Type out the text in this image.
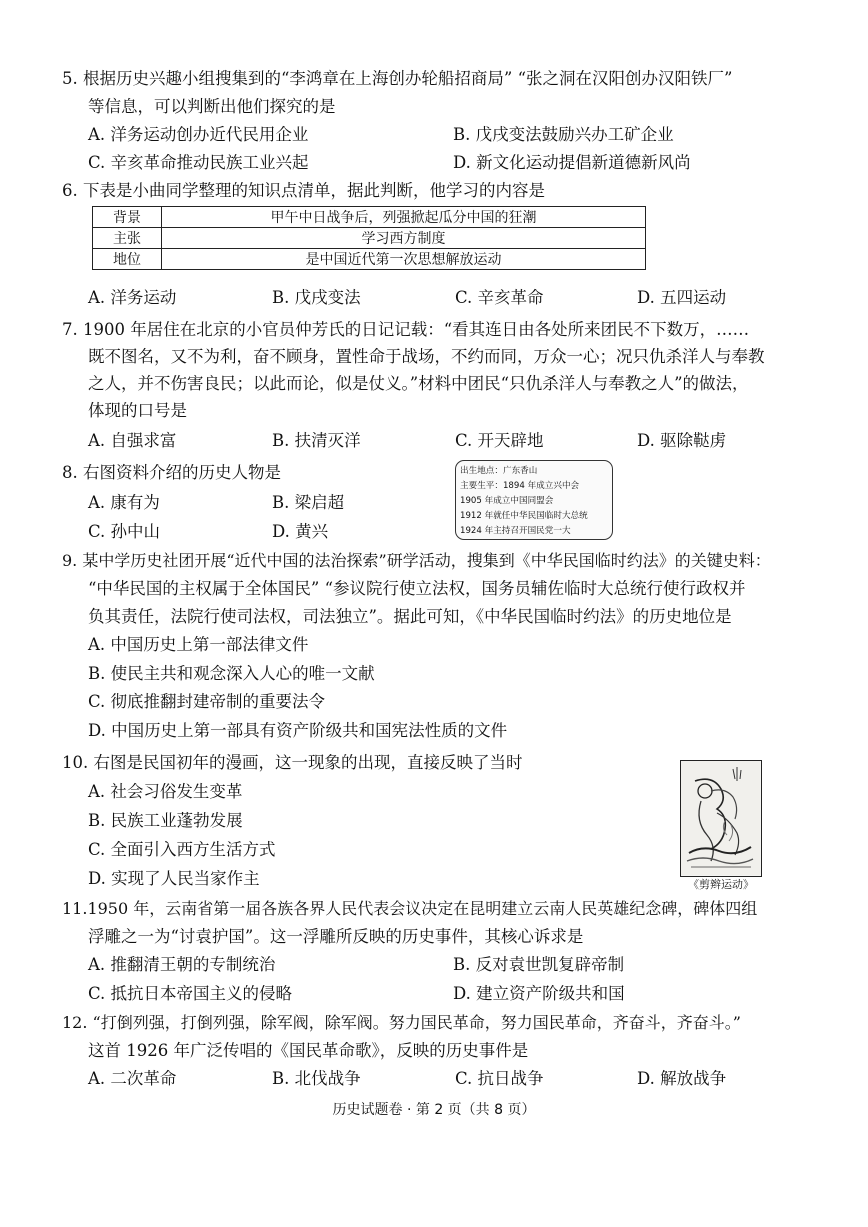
5. 根据历史兴趣小组搜集到的“李鸿章在上海创办轮船招商局” “张之洞在汉阳创办汉阳铁厂”
等信息，可以判断出他们探究的是
A. 洋务运动创办近代民用企业	B. 戊戌变法鼓励兴办工矿企业
C. 辛亥革命推动民族工业兴起	D. 新文化运动提倡新道德新风尚
6. 下表是小曲同学整理的知识点清单，据此判断，他学习的内容是
背景	甲午中日战争后，列强掀起瓜分中国的狂潮
主张	学习西方制度
地位	是中国近代第一次思想解放运动
A. 洋务运动	B. 戊戌变法	C. 辛亥革命	D. 五四运动
7. 1900 年居住在北京的小官员仲芳氏的日记记载：“看其连日由各处所来团民不下数万，……
既不图名，又不为利，奋不顾身，置性命于战场，不约而同，万众一心；况只仇杀洋人与奉教
之人，并不伤害良民；以此而论，似是仗义。”材料中团民“只仇杀洋人与奉教之人”的做法，
体现的口号是
A. 自强求富	B. 扶清灭洋	C. 开天辟地	D. 驱除鞑虏
8. 右图资料介绍的历史人物是
A. 康有为	B. 梁启超
C. 孙中山	D. 黄兴
出生地点：广东香山
主要生平：1894 年成立兴中会
1905 年成立中国同盟会
1912 年就任中华民国临时大总统
1924 年主持召开国民党一大
9. 某中学历史社团开展“近代中国的法治探索”研学活动，搜集到《中华民国临时约法》的关键史料：
“中华民国的主权属于全体国民” “参议院行使立法权，国务员辅佐临时大总统行使行政权并
负其责任，法院行使司法权，司法独立”。据此可知，《中华民国临时约法》的历史地位是
A. 中国历史上第一部法律文件
B. 使民主共和观念深入人心的唯一文献
C. 彻底推翻封建帝制的重要法令
D. 中国历史上第一部具有资产阶级共和国宪法性质的文件
10. 右图是民国初年的漫画，这一现象的出现，直接反映了当时
A. 社会习俗发生变革
B. 民族工业蓬勃发展
C. 全面引入西方生活方式
D. 实现了人民当家作主	《剪辫运动》
11.1950 年，云南省第一届各族各界人民代表会议决定在昆明建立云南人民英雄纪念碑，碑体四组
浮雕之一为“讨袁护国”。这一浮雕所反映的历史事件，其核心诉求是
A. 推翻清王朝的专制统治	B. 反对袁世凯复辟帝制
C. 抵抗日本帝国主义的侵略	D. 建立资产阶级共和国
12. “打倒列强，打倒列强，除军阀，除军阀。努力国民革命，努力国民革命，齐奋斗，齐奋斗。”
这首 1926 年广泛传唱的《国民革命歌》，反映的历史事件是
A. 二次革命	B. 北伐战争	C. 抗日战争	D. 解放战争
历史试题卷 · 第 2 页（共 8 页）
